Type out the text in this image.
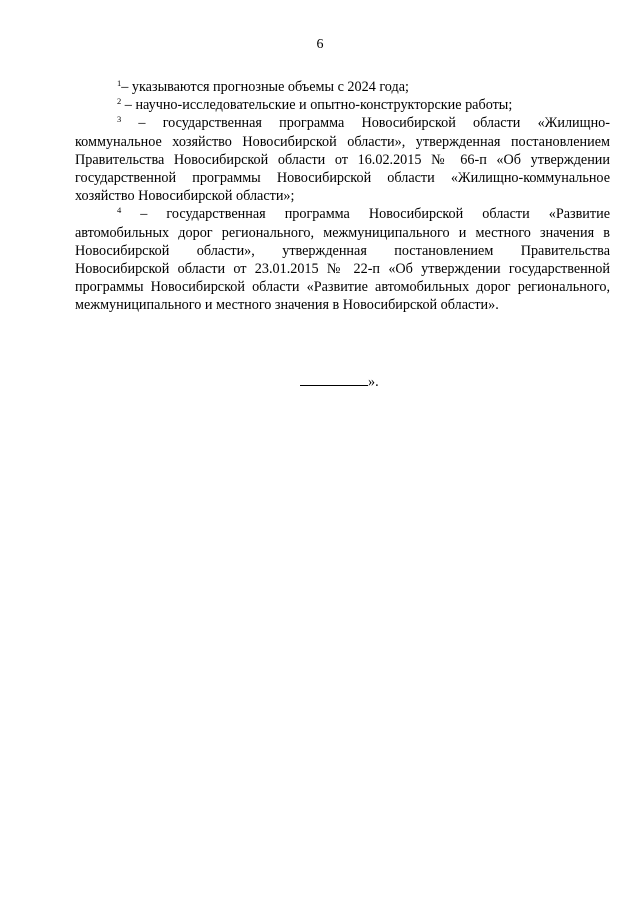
6

$^1$– указываются прогнозные объемы с 2024 года;

$^2$ – научно-исследовательские и опытно-конструкторские работы;

$^3$ – государственная программа Новосибирской области «Жилищно-коммунальное хозяйство Новосибирской области», утвержденная постановлением Правительства Новосибирской области от 16.02.2015 № 66-п «Об утверждении государственной программы Новосибирской области «Жилищно-коммунальное хозяйство Новосибирской области»;

$^4$ – государственная программа Новосибирской области «Развитие автомобильных дорог регионального, межмуниципального и местного значения в Новосибирской области», утвержденная постановлением Правительства Новосибирской области от 23.01.2015 № 22-п «Об утверждении государственной программы Новосибирской области «Развитие автомобильных дорог регионального, межмуниципального и местного значения в Новосибирской области».

».
